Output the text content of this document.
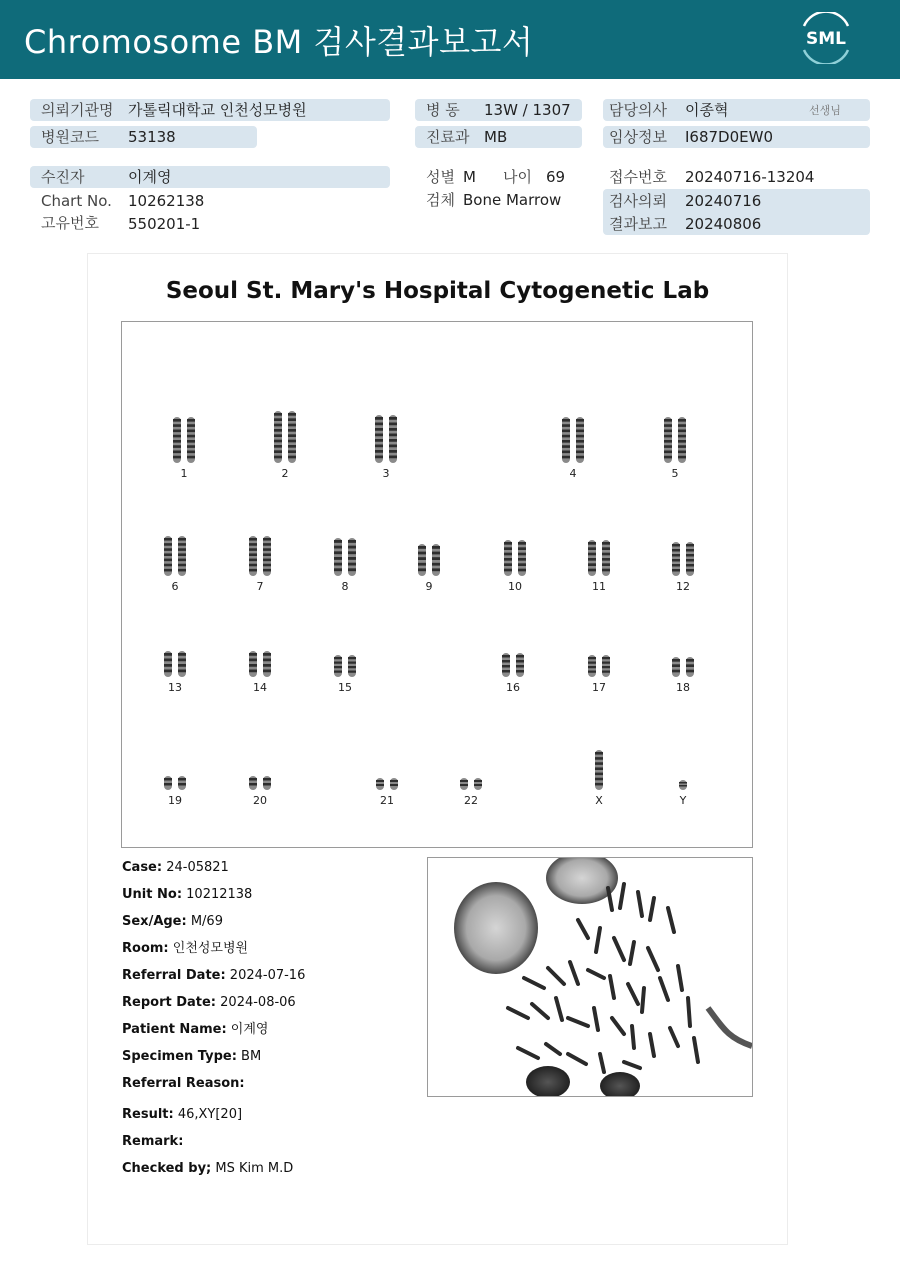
Chromosome BM 검사결과보고서	SML
의뢰기관명 가톨릭대학교 인천성모병원
병원코드 53138
병 동 13W / 1307
진료과 MB
담당의사 이종혁	선생님
임상정보 I687D0EW0
수진자	이계영
Chart No. 10262138
고유번호 550201-1
성별 M 나이 69
검체 Bone Marrow
접수번호 20240716-13204
검사의뢰 20240716
결과보고 20240806
Seoul St. Mary's Hospital Cytogenetic Lab
1	2	3	4	5
6	7	8	9	10	11	12
13	14	15	16	17	18
19	20	21	22	X	Y
Case: 24-05821
Unit No: 10212138
Sex/Age: M/69
Room: 인천성모병원
Referral Date: 2024-07-16
Report Date: 2024-08-06
Patient Name: 이계영
Specimen Type: BM
Referral Reason:
Result: 46,XY[20]
Remark:
Checked by; MS Kim M.D
